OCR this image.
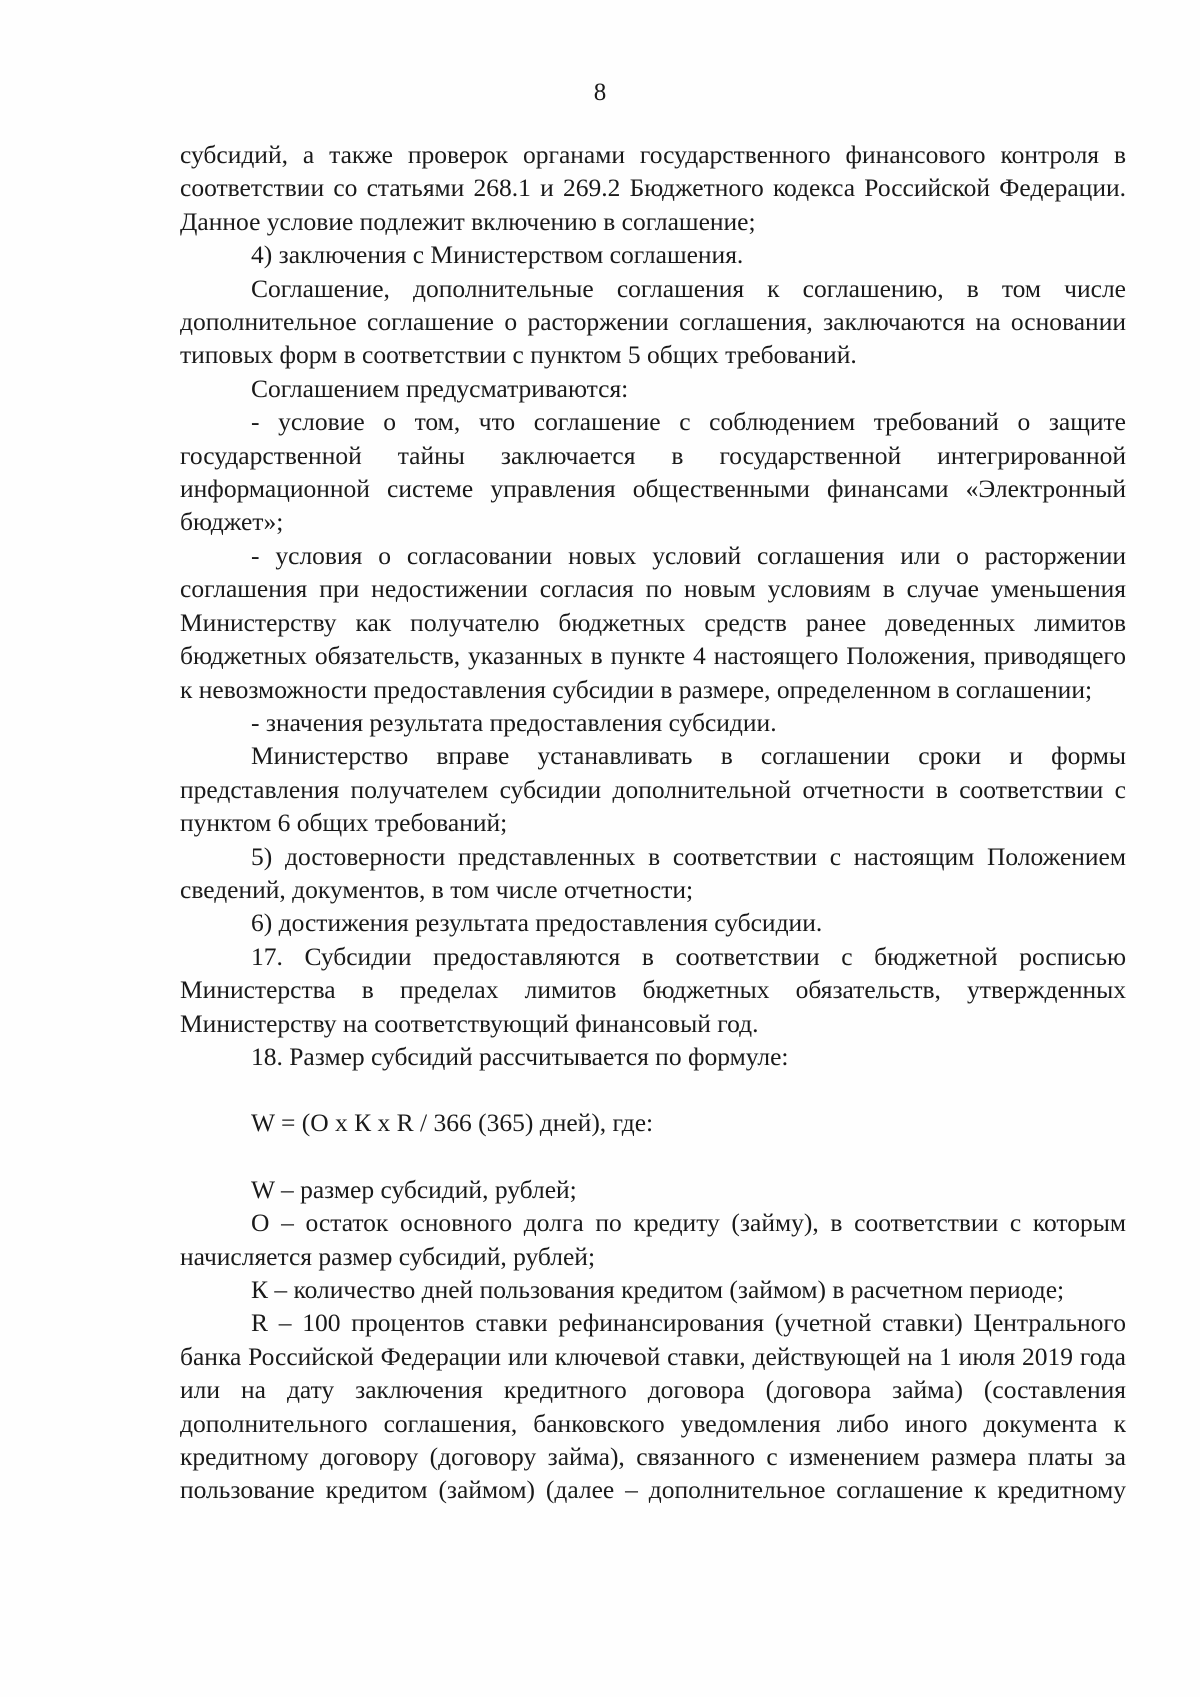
8

субсидий, а также проверок органами государственного финансового контроля в соответствии со статьями 268.1 и 269.2 Бюджетного кодекса Российской Федерации. Данное условие подлежит включению в соглашение;

4) заключения с Министерством соглашения.

Соглашение, дополнительные соглашения к соглашению, в том числе дополнительное соглашение о расторжении соглашения, заключаются на основании типовых форм в соответствии с пунктом 5 общих требований.

Соглашением предусматриваются:

- условие о том, что соглашение с соблюдением требований о защите государственной тайны заключается в государственной интегрированной информационной системе управления общественными финансами «Электронный бюджет»;

- условия о согласовании новых условий соглашения или о расторжении соглашения при недостижении согласия по новым условиям в случае уменьшения Министерству как получателю бюджетных средств ранее доведенных лимитов бюджетных обязательств, указанных в пункте 4 настоящего Положения, приводящего к невозможности предоставления субсидии в размере, определенном в соглашении;

- значения результата предоставления субсидии.

Министерство вправе устанавливать в соглашении сроки и формы представления получателем субсидии дополнительной отчетности в соответствии с пунктом 6 общих требований;

5) достоверности представленных в соответствии с настоящим Положением сведений, документов, в том числе отчетности;

6) достижения результата предоставления субсидии.

17. Субсидии предоставляются в соответствии с бюджетной росписью Министерства в пределах лимитов бюджетных обязательств, утвержденных Министерству на соответствующий финансовый год.

18. Размер субсидий рассчитывается по формуле:

W = (О х К х R / 366 (365) дней), где:

W – размер субсидий, рублей;

О – остаток основного долга по кредиту (займу), в соответствии с которым начисляется размер субсидий, рублей;

К – количество дней пользования кредитом (займом) в расчетном периоде;

R – 100 процентов ставки рефинансирования (учетной ставки) Центрального банка Российской Федерации или ключевой ставки, действующей на 1 июля 2019 года или на дату заключения кредитного договора (договора займа) (составления дополнительного соглашения, банковского уведомления либо иного документа к кредитному договору (договору займа), связанного с изменением размера платы за пользование кредитом (займом) (далее – дополнительное соглашение к кредитному
